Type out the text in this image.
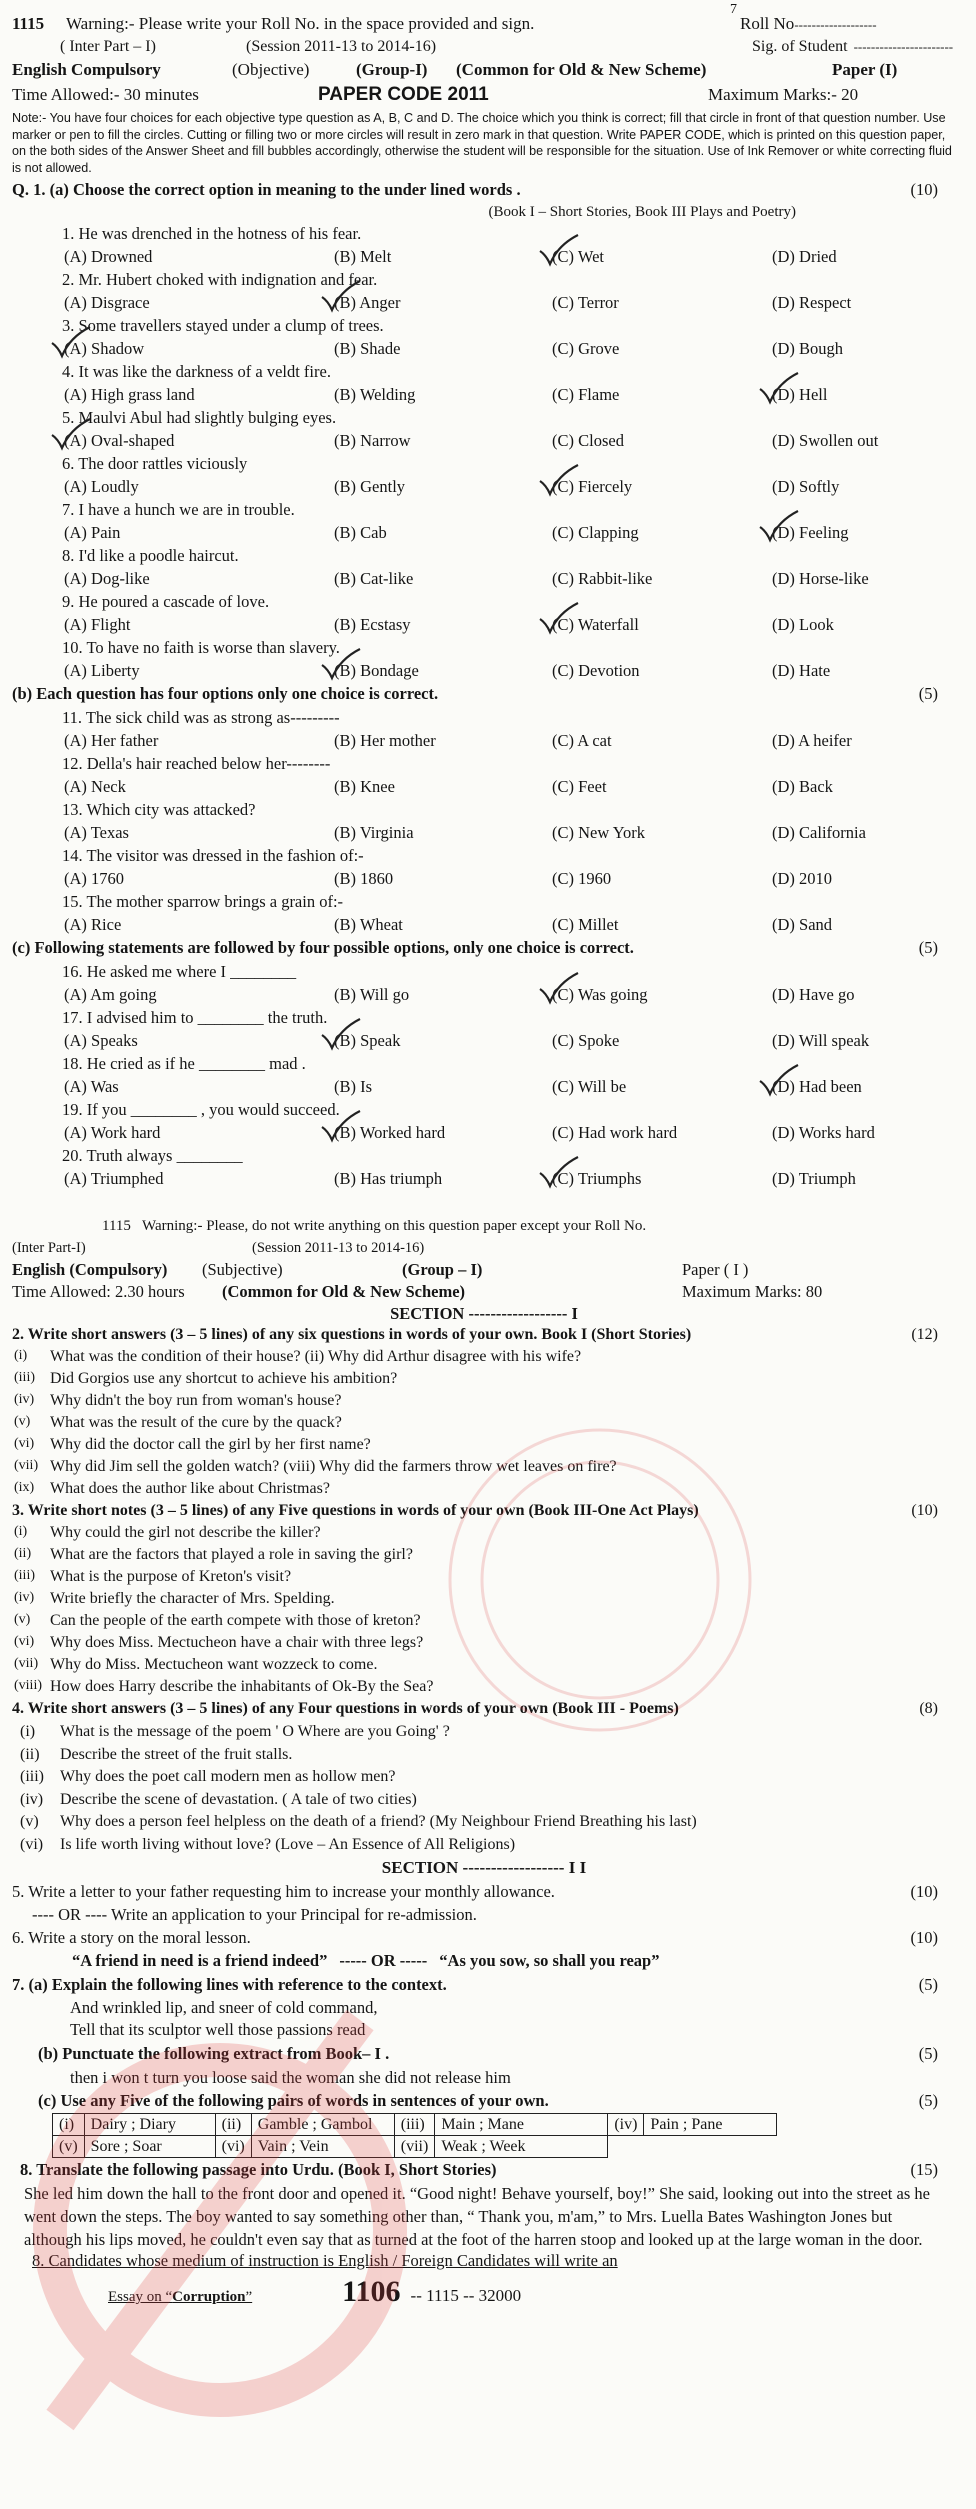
1115	Warning:- Please write your Roll No. in the space provided and sign.	Roll No -------------------
7
( Inter Part – I)	(Session 2011-13 to 2014-16)	Sig. of Student -----------------------
English Compulsory	(Objective)	(Group-I)	(Common for Old & New Scheme)	Paper (I)
Time Allowed:- 30 minutes	PAPER CODE 2011	Maximum Marks:- 20
Note:- You have four choices for each objective type question as A, B, C and D. The choice which you think is correct; fill that circle in front of that question number. Use marker or pen to fill the circles. Cutting or filling two or more circles will result in zero mark in that question. Write PAPER CODE, which is printed on this question paper, on the both sides of the Answer Sheet and fill bubbles accordingly, otherwise the student will be responsible for the situation. Use of Ink Remover or white correcting fluid is not allowed.
Q. 1. (a) Choose the correct option in meaning to the under lined words .	(10)
(Book I – Short Stories, Book III Plays and Poetry)
1. He was drenched in the hotness of his fear.
(A) Drowned	(B) Melt	(C) Wet	(D) Dried
2. Mr. Hubert choked with indignation and fear.
(A) Disgrace	(B) Anger	(C) Terror	(D) Respect
3. Some travellers stayed under a clump of trees.
(A) Shadow	(B) Shade	(C) Grove	(D) Bough
4. It was like the darkness of a veldt fire.
(A) High grass land	(B) Welding	(C) Flame	(D) Hell
5. Maulvi Abul had slightly bulging eyes.
(A) Oval-shaped	(B) Narrow	(C) Closed	(D) Swollen out
6. The door rattles viciously
(A) Loudly	(B) Gently	(C) Fiercely	(D) Softly
7. I have a hunch we are in trouble.
(A) Pain	(B) Cab	(C) Clapping	(D) Feeling
8. I'd like a poodle haircut.
(A) Dog-like	(B) Cat-like	(C) Rabbit-like	(D) Horse-like
9. He poured a cascade of love.
(A) Flight	(B) Ecstasy	(C) Waterfall	(D) Look
10. To have no faith is worse than slavery.
(A) Liberty	(B) Bondage	(C) Devotion	(D) Hate
(b) Each question has four options only one choice is correct.	(5)
11. The sick child was as strong as---------
(A) Her father	(B) Her mother	(C) A cat	(D) A heifer
12. Della's hair reached below her--------
(A) Neck	(B) Knee	(C) Feet	(D) Back
13. Which city was attacked?
(A) Texas	(B) Virginia	(C) New York	(D) California
14. The visitor was dressed in the fashion of:-
(A) 1760	(B) 1860	(C) 1960	(D) 2010
15. The mother sparrow brings a grain of:-
(A) Rice	(B) Wheat	(C) Millet	(D) Sand
(c) Following statements are followed by four possible options, only one choice is correct.	(5)
16. He asked me where I ________
(A) Am going	(B) Will go	(C) Was going	(D) Have go
17. I advised him to ________ the truth.
(A) Speaks	(B) Speak	(C) Spoke	(D) Will speak
18. He cried as if he ________ mad .
(A) Was	(B) Is	(C) Will be	(D) Had been
19. If you ________ , you would succeed.
(A) Work hard	(B) Worked hard	(C) Had work hard	(D) Works hard
20. Truth always ________
(A) Triumphed	(B) Has triumph	(C) Triumphs	(D) Triumph
1115 Warning:- Please, do not write anything on this question paper except your Roll No.
(Inter Part-I)	(Session 2011-13 to 2014-16)
English (Compulsory)	(Subjective)	(Group – I)	Paper ( I )
Time Allowed: 2.30 hours	(Common for Old & New Scheme)	Maximum Marks: 80
SECTION ------------------ I
2. Write short answers (3 – 5 lines) of any six questions in words of your own. Book I (Short Stories)	(12)
(i)	What was the condition of their house? (ii) Why did Arthur disagree with his wife?
(iii) Did Gorgios use any shortcut to achieve his ambition?
(iv) Why didn't the boy run from woman's house?
(v)	What was the result of the cure by the quack?
(vi) Why did the doctor call the girl by her first name?
(vii) Why did Jim sell the golden watch? (viii) Why did the farmers throw wet leaves on fire?
(ix) What does the author like about Christmas?
3. Write short notes (3 – 5 lines) of any Five questions in words of your own (Book III-One Act Plays)	(10)
(i)	Why could the girl not describe the killer?
(ii)	What are the factors that played a role in saving the girl?
(iii) What is the purpose of Kreton's visit?
(iv) Write briefly the character of Mrs. Spelding.
(v)	Can the people of the earth compete with those of kreton?
(vi) Why does Miss. Mectucheon have a chair with three legs?
(vii) Why do Miss. Mectucheon want wozzeck to come.
(viii) How does Harry describe the inhabitants of Ok-By the Sea?
4. Write short answers (3 – 5 lines) of any Four questions in words of your own (Book III - Poems)	(8)
(i)	What is the message of the poem ' O Where are you Going' ?
(ii)	Describe the street of the fruit stalls.
(iii)	Why does the poet call modern men as hollow men?
(iv)	Describe the scene of devastation. ( A tale of two cities)
(v)	Why does a person feel helpless on the death of a friend? (My Neighbour Friend Breathing his last)
(vi)	Is life worth living without love? (Love – An Essence of All Religions)
SECTION ------------------ I I
5. Write a letter to your father requesting him to increase your monthly allowance.	(10)
---- OR ---- Write an application to your Principal for re-admission.
6. Write a story on the moral lesson.	(10)
“A friend in need is a friend indeed” ----- OR ----- “As you sow, so shall you reap”
7. (a) Explain the following lines with reference to the context.	(5)
And wrinkled lip, and sneer of cold command,
Tell that its sculptor well those passions read
(b) Punctuate the following extract from Book– I .	(5)
then i won t turn you loose said the woman she did not release him
(c) Use any Five of the following pairs of words in sentences of your own.	(5)
(i)	Dairy ; Diary	(ii)	Gamble ; Gambol	(iii)	Main ; Mane	(iv)	Pain ; Pane
(v)	Sore ; Soar	(vi)	Vain ; Vein	(vii)	Weak ; Week		
8. Translate the following passage into Urdu. (Book I, Short Stories)	(15)
She led him down the hall to the front door and opened it. “Good night! Behave yourself, boy!” She said, looking out into the street as he went down the steps. The boy wanted to say something other than, “ Thank you, m'am,” to Mrs. Luella Bates Washington Jones but although his lips moved, he couldn't even say that as turned at the foot of the harren stoop and looked up at the large woman in the door.
8. Candidates whose medium of instruction is English / Foreign Candidates will write an
Essay on “ Corruption ”	1106 -- 1115 -- 32000
